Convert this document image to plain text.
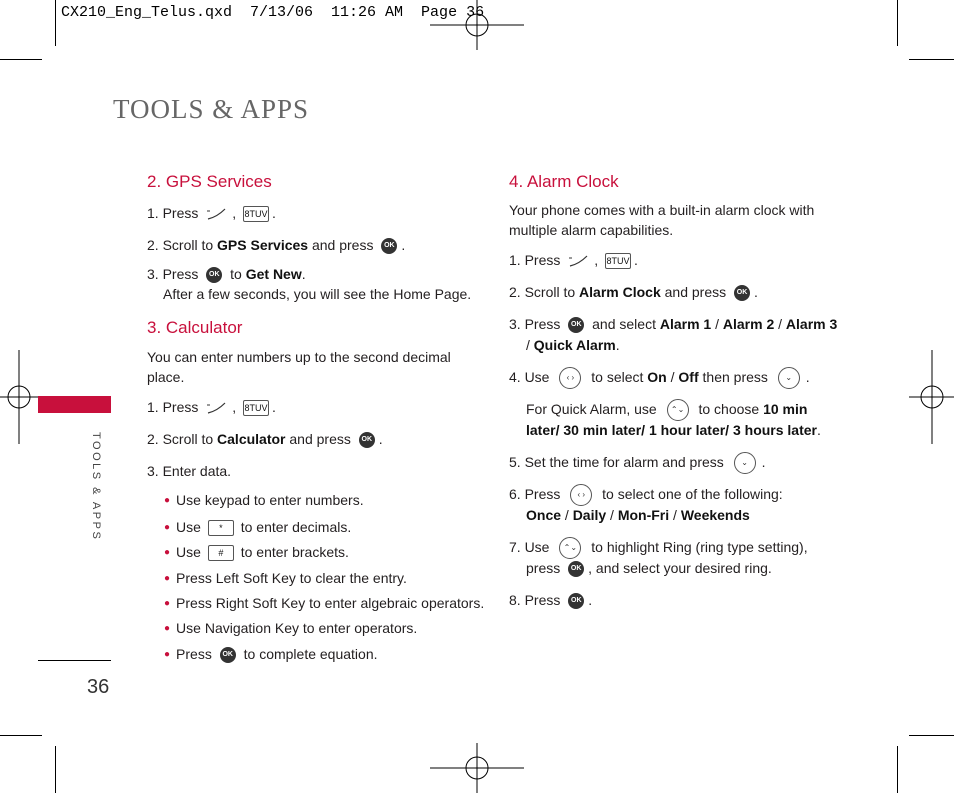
CX210_Eng_Telus.qxd  7/13/06  11:26 AM  Page 36
TOOLS & APPS
TOOLS & APPS
36
2. GPS Services
1. Press , 8TUV .
2. Scroll to GPS Services and press OK .
3. Press OK to Get New.
After a few seconds, you will see the Home Page.
3. Calculator
You can enter numbers up to the second decimal
place.
1. Press , 8TUV .
2. Scroll to Calculator and press OK .
3. Enter data.
● Use keypad to enter numbers.
● Use * to enter decimals.
● Use # to enter brackets.
● Press Left Soft Key to clear the entry.
● Press Right Soft Key to enter algebraic operators.
● Use Navigation Key to enter operators.
● Press OK to complete equation.
4. Alarm Clock
Your phone comes with a built-in alarm clock with
multiple alarm capabilities.
1. Press , 8TUV .
2. Scroll to Alarm Clock and press OK .
3. Press OK and select Alarm 1 / Alarm 2 / Alarm 3
/ Quick Alarm.
4. Use ‹ › to select On / Off then press ⌄ .
For Quick Alarm, use ⌃⌄ to choose 10 min
later/ 30 min later/ 1 hour later/ 3 hours later.
5. Set the time for alarm and press ⌄ .
6. Press ‹ › to select one of the following:
Once / Daily / Mon-Fri / Weekends
7. Use ⌃⌄ to highlight Ring (ring type setting),
press OK , and select your desired ring.
8. Press OK .
